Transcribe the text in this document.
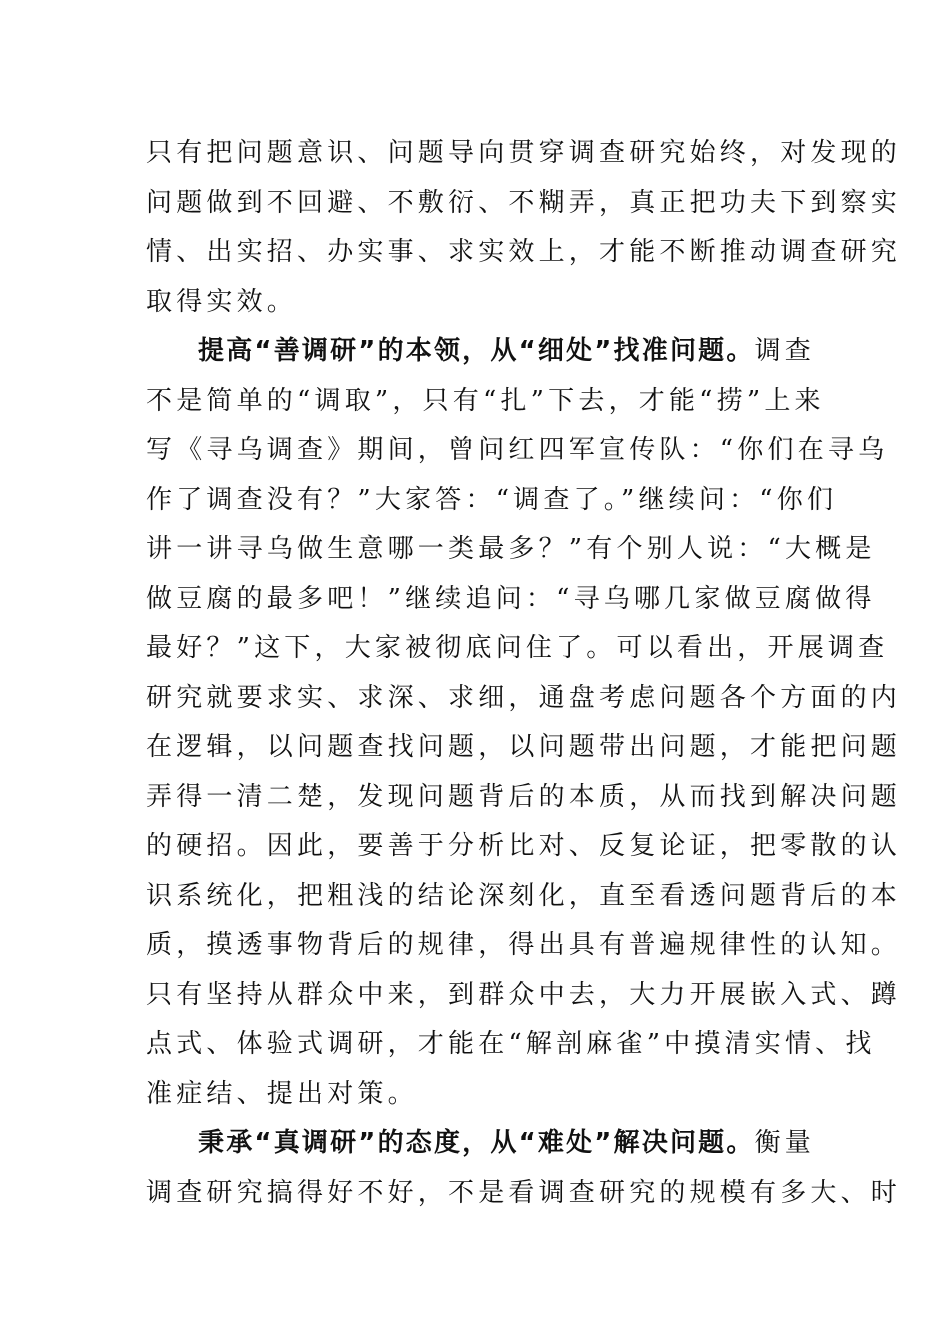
只有把问题意识、问题导向贯穿调查研究始终，对发现的
问题做到不回避、不敷衍、不糊弄，真正把功夫下到察实
情、出实招、办实事、求实效上，才能不断推动调查研究
取得实效。
提高“善调研”的本领，从“细处”找准问题。调查
不是简单的“调取”，只有“扎”下去，才能“捞”上来
写《寻乌调查》期间，曾问红四军宣传队：“你们在寻乌
作了调查没有？”大家答：“调查了。”继续问：“你们
讲一讲寻乌做生意哪一类最多？”有个别人说：“大概是
做豆腐的最多吧！”继续追问：“寻乌哪几家做豆腐做得
最好？”这下，大家被彻底问住了。可以看出，开展调查
研究就要求实、求深、求细，通盘考虑问题各个方面的内
在逻辑，以问题查找问题，以问题带出问题，才能把问题
弄得一清二楚，发现问题背后的本质，从而找到解决问题
的硬招。因此，要善于分析比对、反复论证，把零散的认
识系统化，把粗浅的结论深刻化，直至看透问题背后的本
质，摸透事物背后的规律，得出具有普遍规律性的认知。
只有坚持从群众中来，到群众中去，大力开展嵌入式、蹲
点式、体验式调研，才能在“解剖麻雀”中摸清实情、找
准症结、提出对策。
秉承“真调研”的态度，从“难处”解决问题。衡量
调查研究搞得好不好，不是看调查研究的规模有多大、时
